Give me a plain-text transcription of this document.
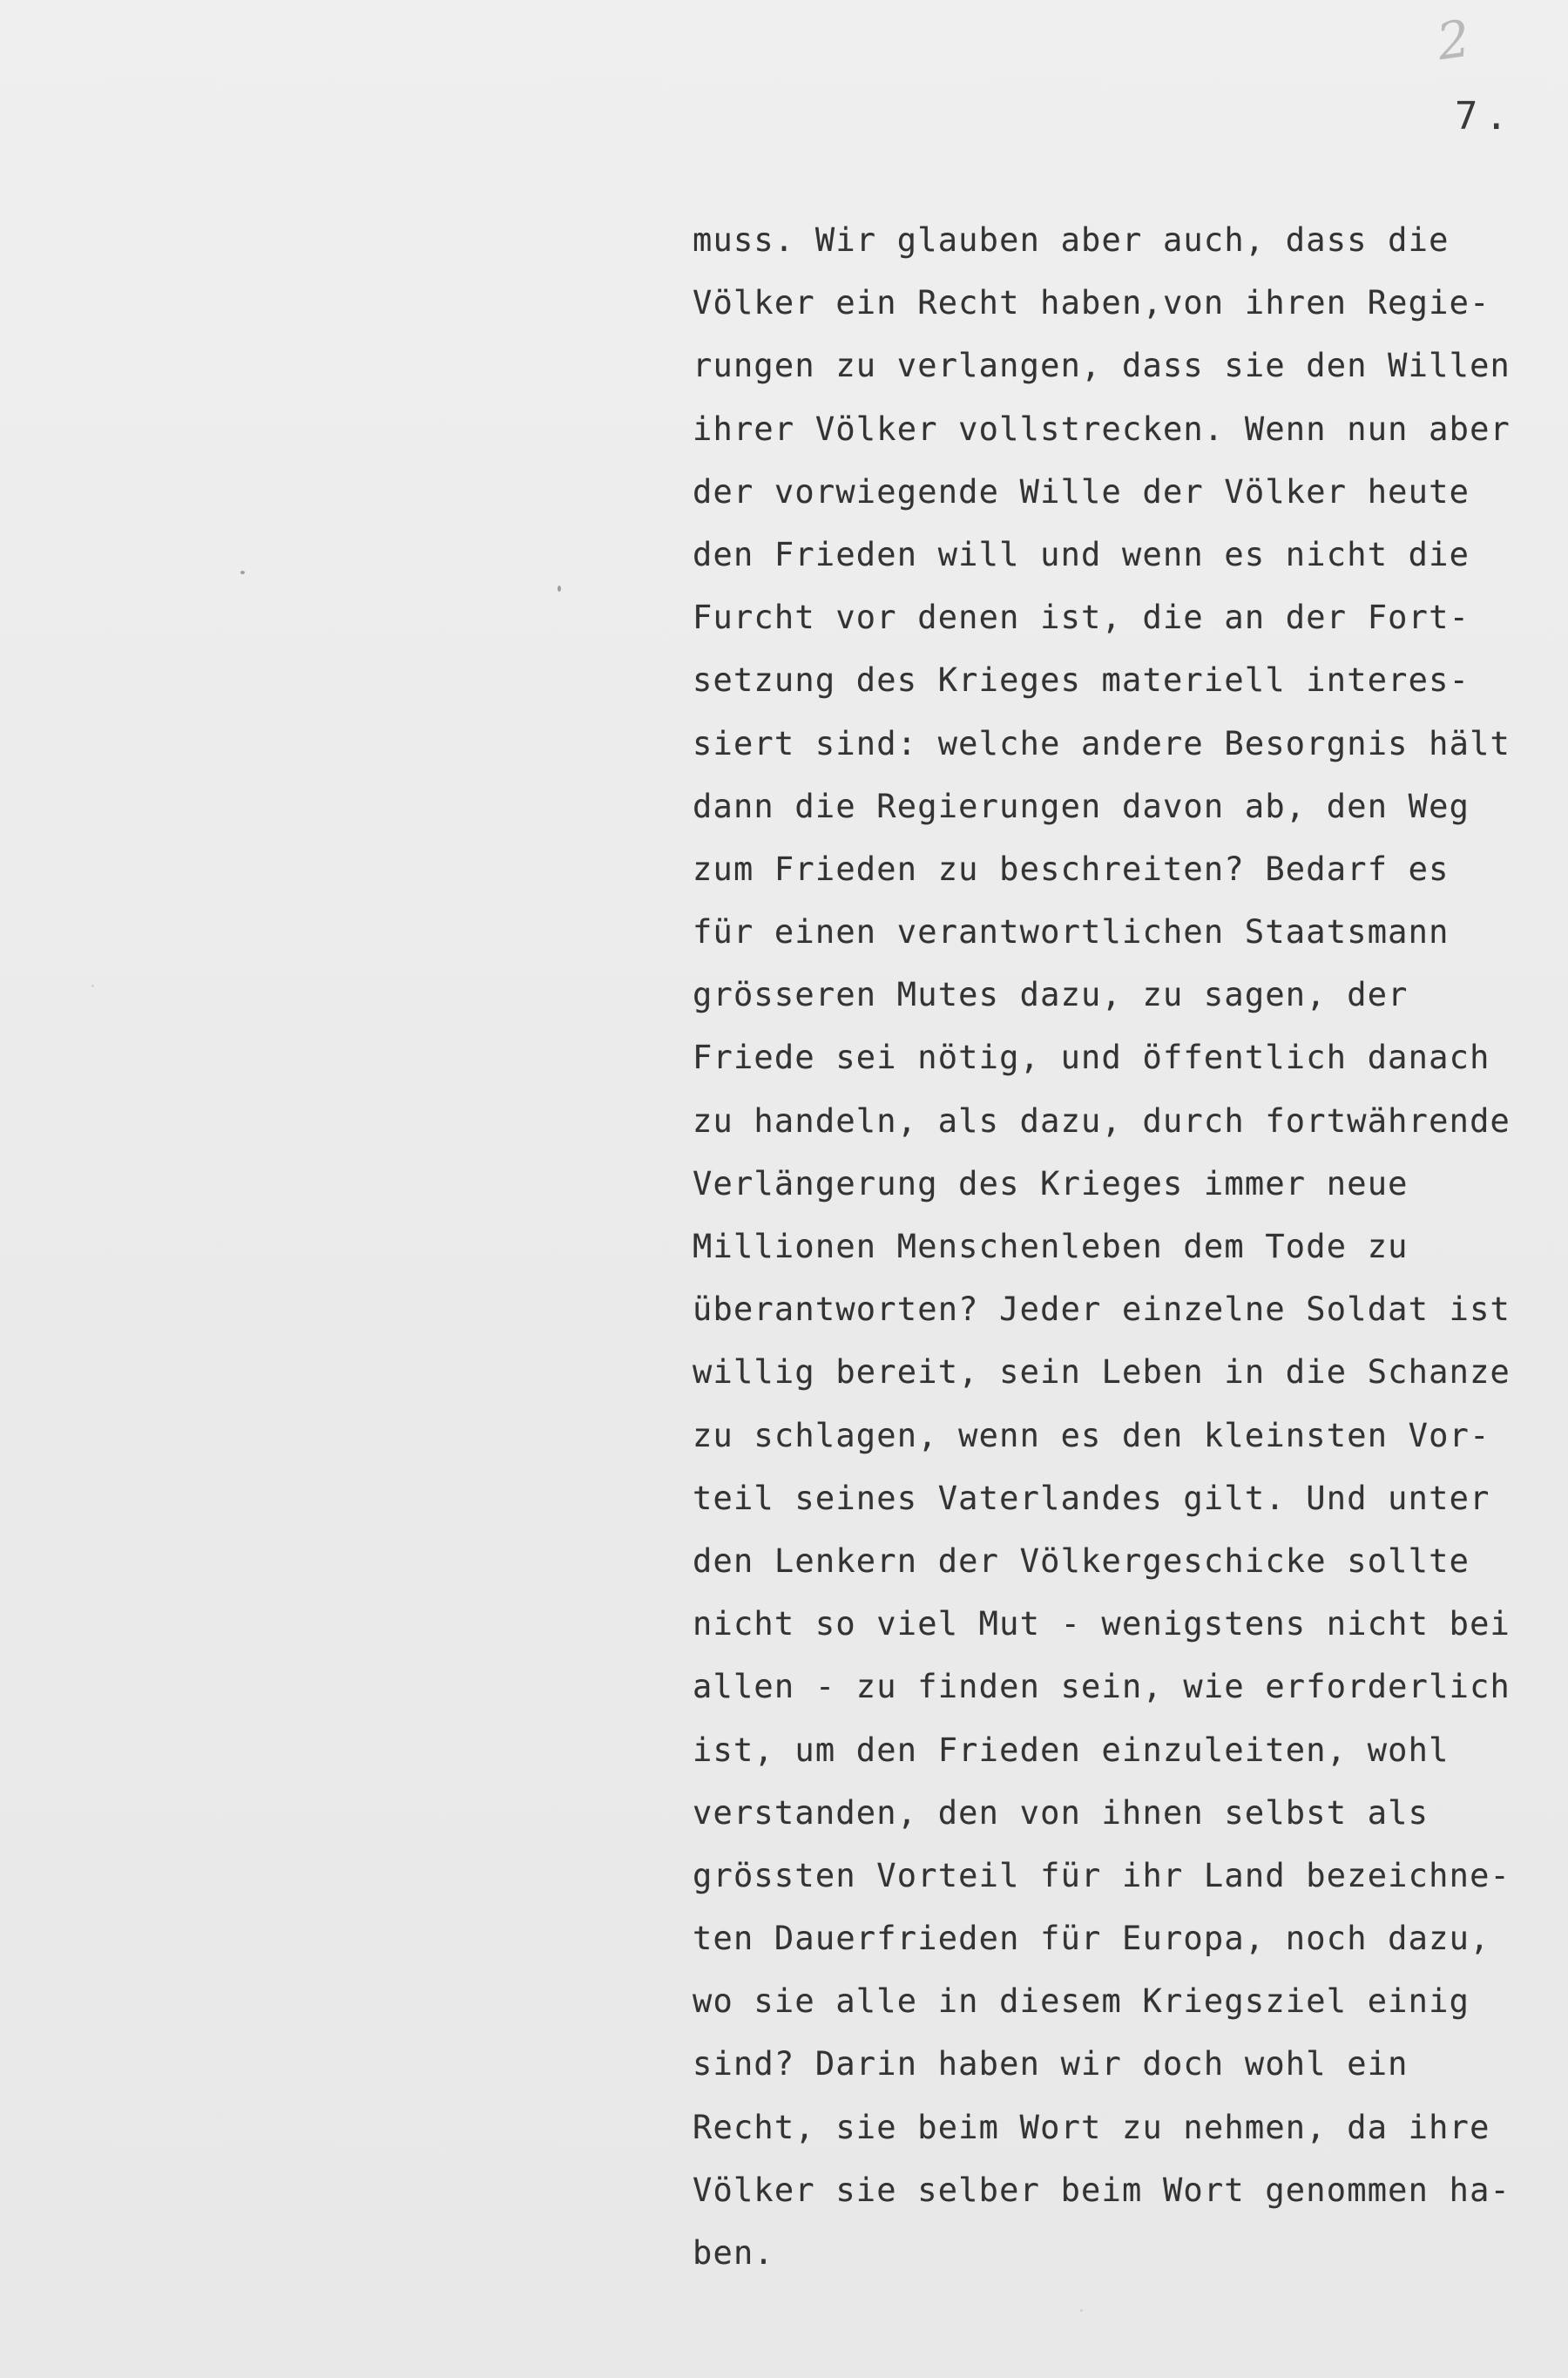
2
7.
muss. Wir glauben aber auch, dass die
Völker ein Recht haben,von ihren Regie-
rungen zu verlangen, dass sie den Willen
ihrer Völker vollstrecken. Wenn nun aber
der vorwiegende Wille der Völker heute
den Frieden will und wenn es nicht die
Furcht vor denen ist, die an der Fort-
setzung des Krieges materiell interes-
siert sind: welche andere Besorgnis hält
dann die Regierungen davon ab, den Weg
zum Frieden zu beschreiten? Bedarf es
für einen verantwortlichen Staatsmann
grösseren Mutes dazu, zu sagen, der
Friede sei nötig, und öffentlich danach
zu handeln, als dazu, durch fortwährende
Verlängerung des Krieges immer neue
Millionen Menschenleben dem Tode zu
überantworten? Jeder einzelne Soldat ist
willig bereit, sein Leben in die Schanze
zu schlagen, wenn es den kleinsten Vor-
teil seines Vaterlandes gilt. Und unter
den Lenkern der Völkergeschicke sollte
nicht so viel Mut - wenigstens nicht bei
allen - zu finden sein, wie erforderlich
ist, um den Frieden einzuleiten, wohl
verstanden, den von ihnen selbst als
grössten Vorteil für ihr Land bezeichne-
ten Dauerfrieden für Europa, noch dazu,
wo sie alle in diesem Kriegsziel einig
sind? Darin haben wir doch wohl ein
Recht, sie beim Wort zu nehmen, da ihre
Völker sie selber beim Wort genommen ha-
ben.
